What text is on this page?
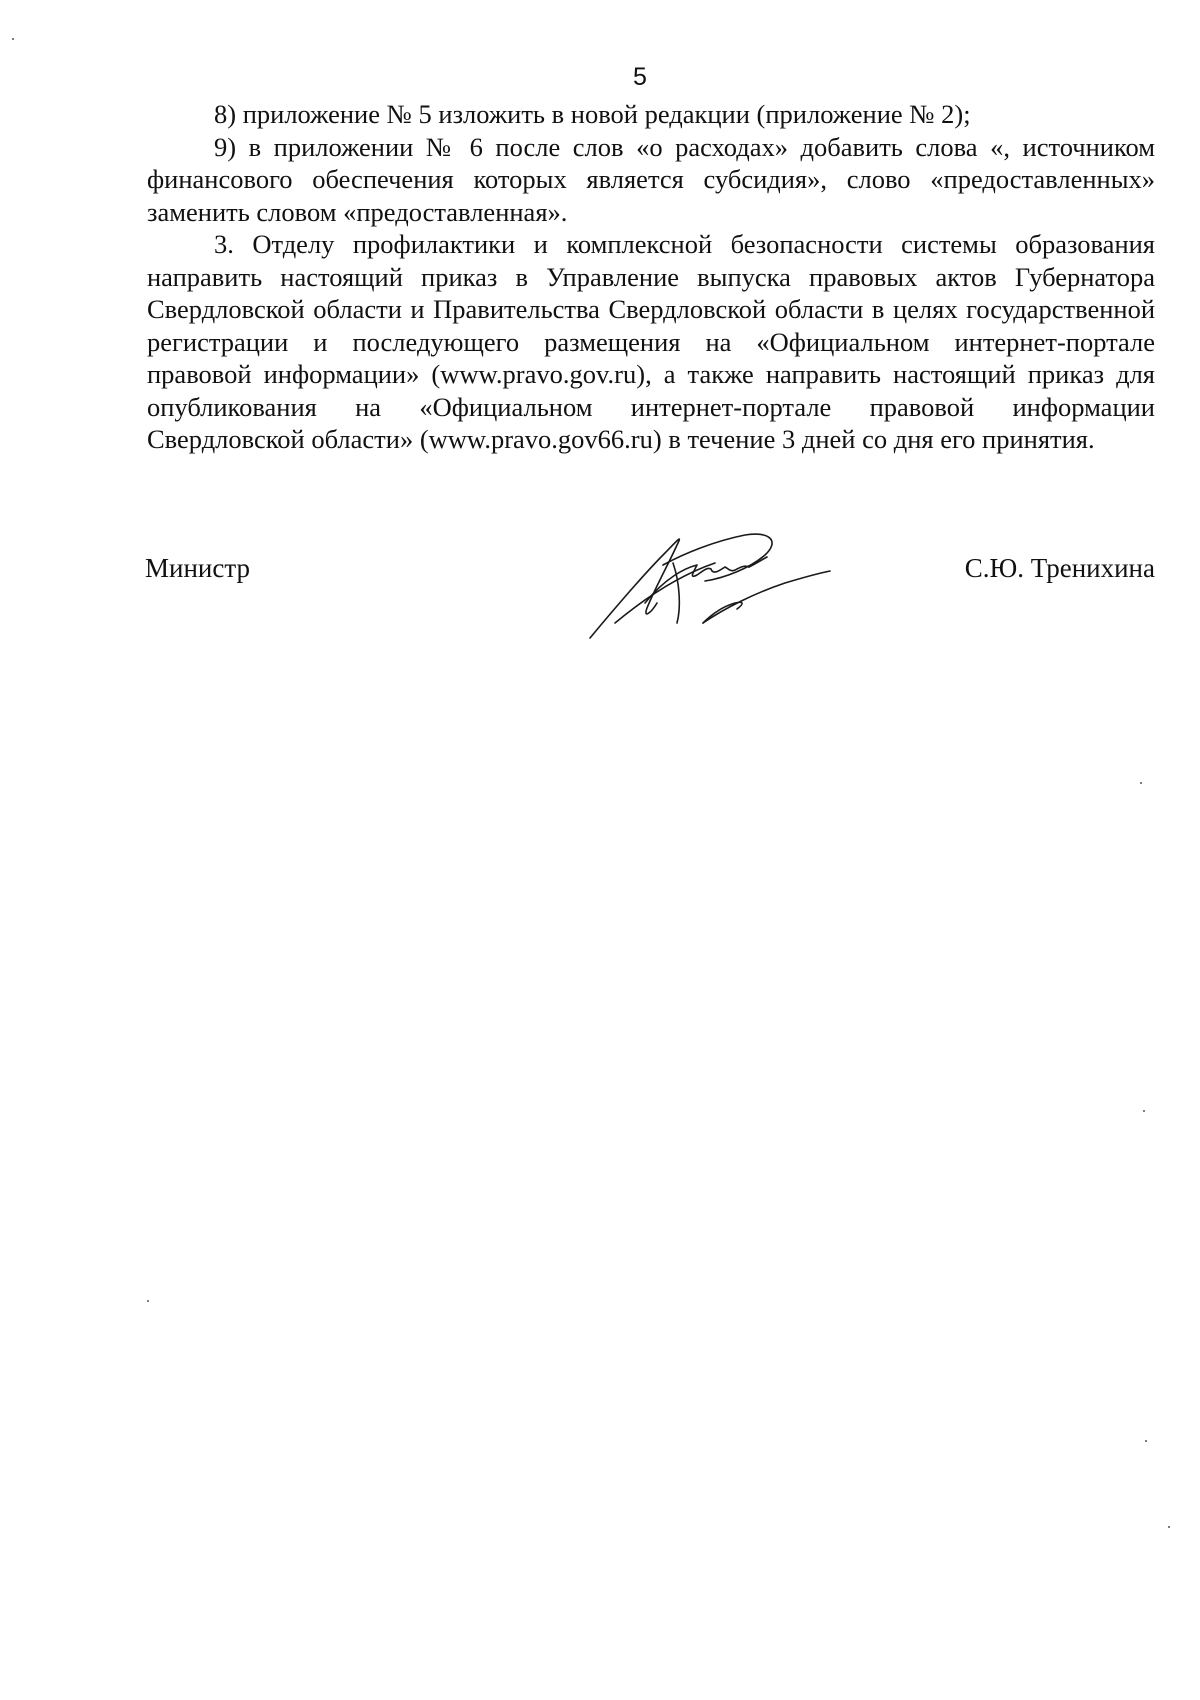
5

8) приложение № 5 изложить в новой редакции (приложение № 2);

9) в приложении № 6 после слов «о расходах» добавить слова «, источником финансового обеспечения которых является субсидия», слово «предоставленных» заменить словом «предоставленная».

3. Отделу профилактики и комплексной безопасности системы образования направить настоящий приказ в Управление выпуска правовых актов Губернатора Свердловской области и Правительства Свердловской области в целях государственной регистрации и последующего размещения на «Официальном интернет-портале правовой информации» (www.pravo.gov.ru), а также направить настоящий приказ для опубликования на «Официальном интернет-портале правовой информации Свердловской области» (www.pravo.gov66.ru) в течение 3 дней со дня его принятия.

Министр	С.Ю. Тренихина
